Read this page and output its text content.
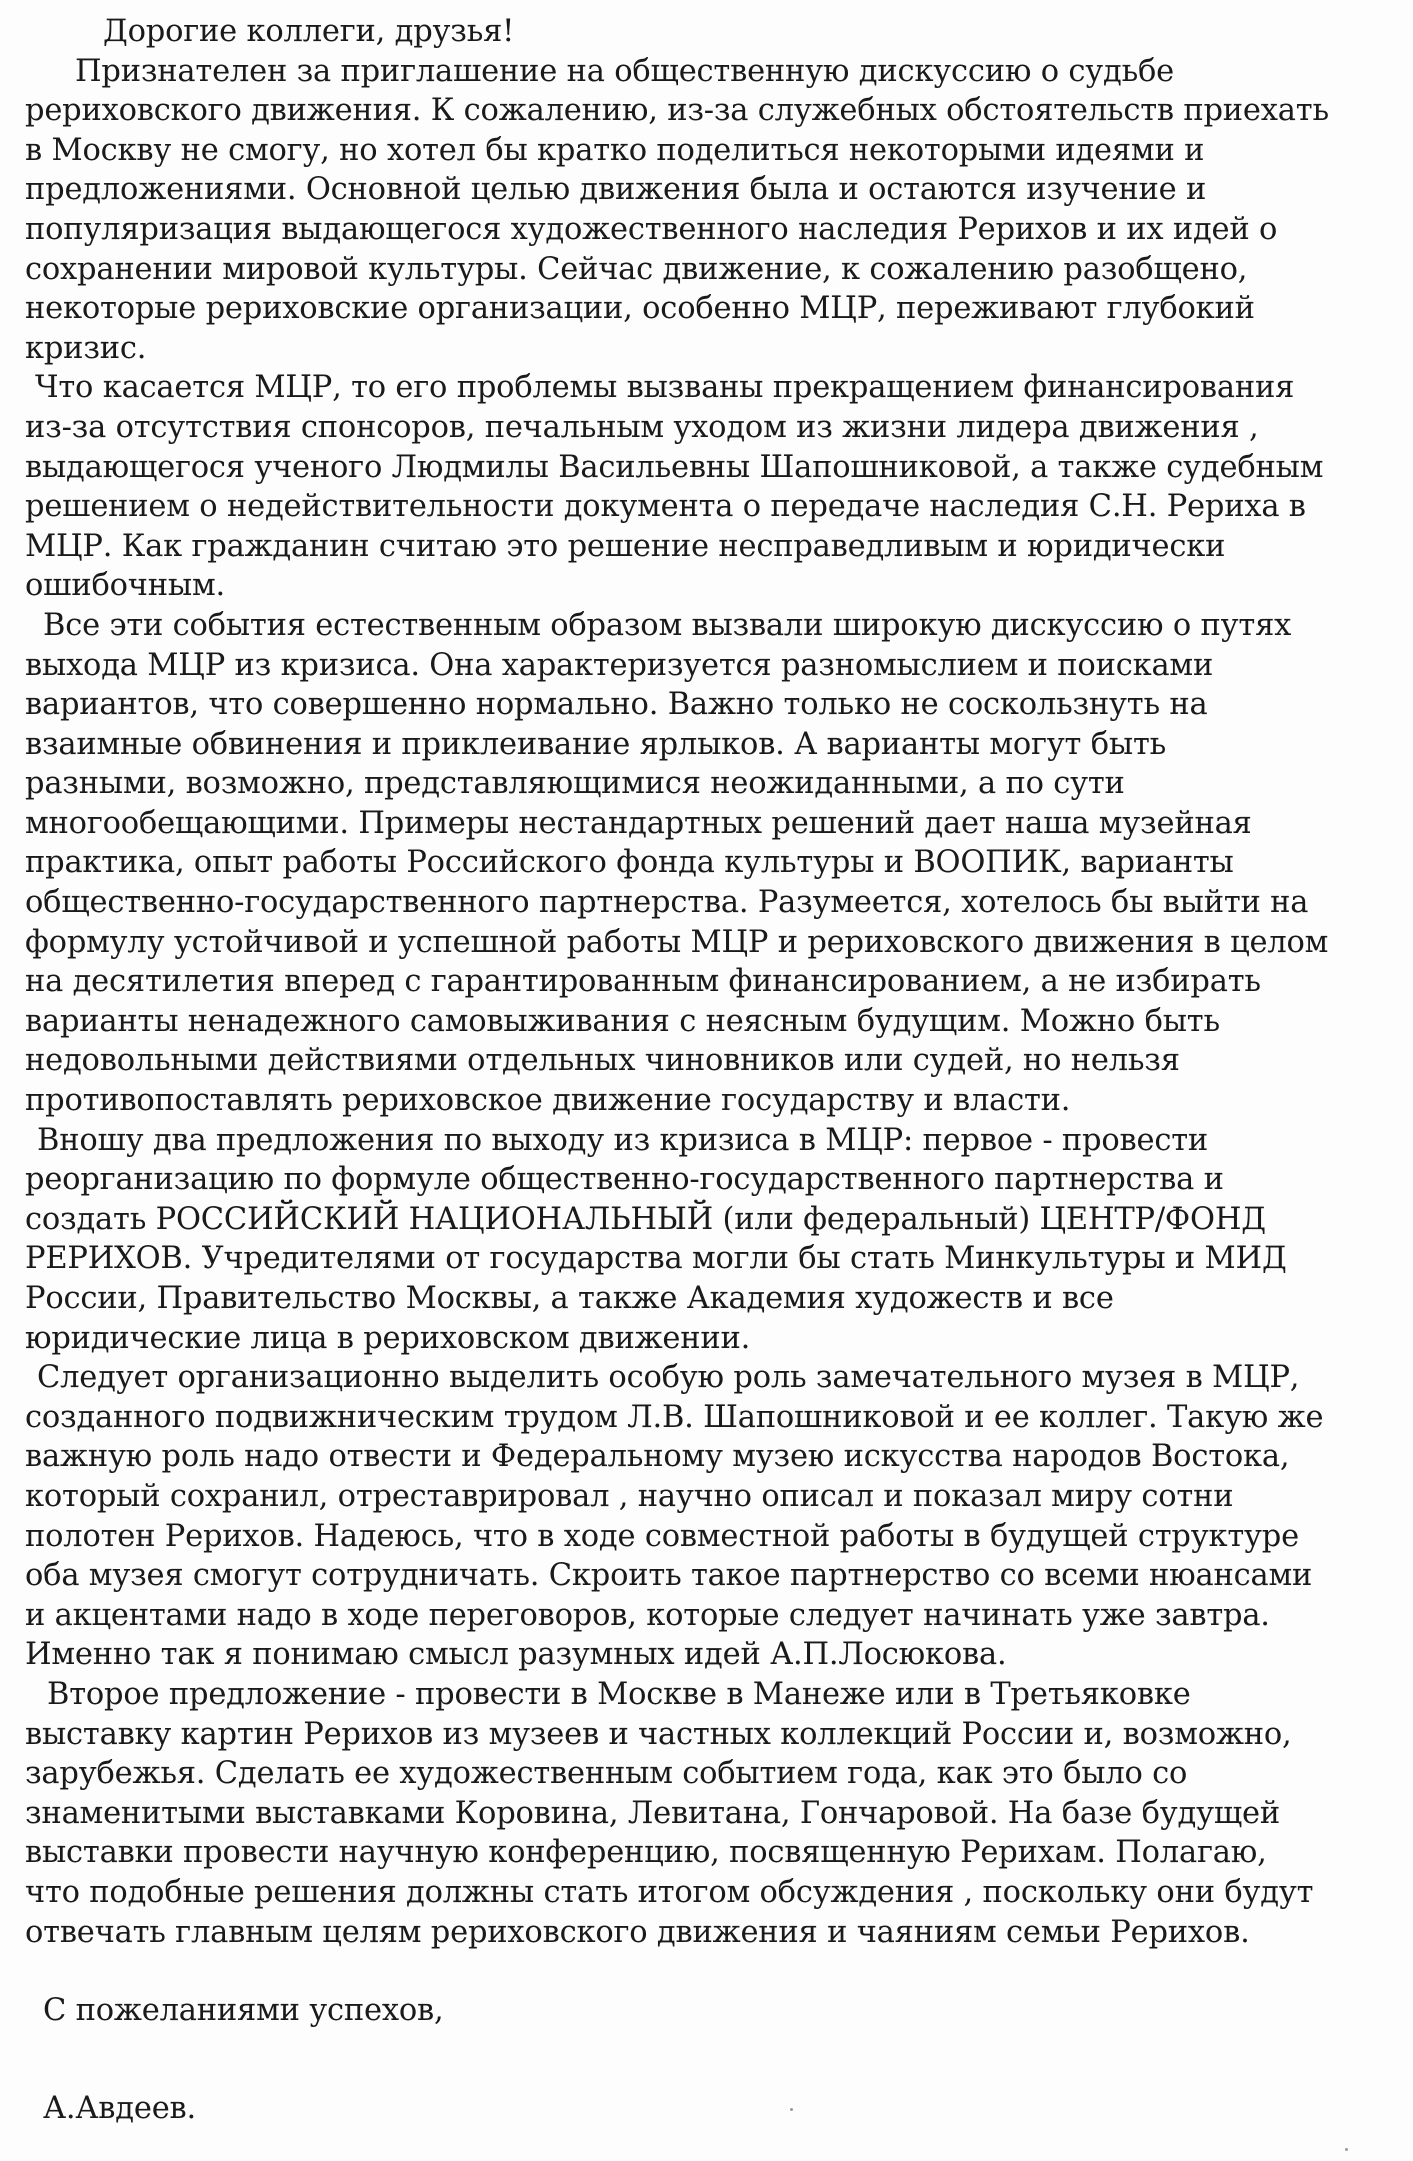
Дорогие коллеги, друзья!
Признателен за приглашение на общественную дискуссию о судьбе
рериховского движения. К сожалению, из-за служебных обстоятельств приехать
в Москву не смогу, но хотел бы кратко поделиться некоторыми идеями и
предложениями. Основной целью движения была и остаются изучение и
популяризация выдающегося художественного наследия Рерихов и их идей о
сохранении мировой культуры. Сейчас движение, к сожалению разобщено,
некоторые рериховские организации, особенно МЦР, переживают глубокий
кризис.
Что касается МЦР, то его проблемы вызваны прекращением финансирования
из-за отсутствия спонсоров, печальным уходом из жизни лидера движения ,
выдающегося ученого Людмилы Васильевны Шапошниковой, а также судебным
решением о недействительности документа о передаче наследия С.Н. Рериха в
МЦР. Как гражданин считаю это решение несправедливым и юридически
ошибочным.
Все эти события естественным образом вызвали широкую дискуссию о путях
выхода МЦР из кризиса. Она характеризуется разномыслием и поисками
вариантов, что совершенно нормально. Важно только не соскользнуть на
взаимные обвинения и приклеивание ярлыков. А варианты могут быть
разными, возможно, представляющимися неожиданными, а по сути
многообещающими. Примеры нестандартных решений дает наша музейная
практика, опыт работы Российского фонда культуры и ВООПИК, варианты
общественно-государственного партнерства. Разумеется, хотелось бы выйти на
формулу устойчивой и успешной работы МЦР и рериховского движения в целом
на десятилетия вперед с гарантированным финансированием, а не избирать
варианты ненадежного самовыживания с неясным будущим. Можно быть
недовольными действиями отдельных чиновников или судей, но нельзя
противопоставлять рериховское движение государству и власти.
Вношу два предложения по выходу из кризиса в МЦР: первое - провести
реорганизацию по формуле общественно-государственного партнерства и
создать РОССИЙСКИЙ НАЦИОНАЛЬНЫЙ (или федеральный) ЦЕНТР/ФОНД
РЕРИХОВ. Учредителями от государства могли бы стать Минкультуры и МИД
России, Правительство Москвы, а также Академия художеств и все
юридические лица в рериховском движении.
Следует организационно выделить особую роль замечательного музея в МЦР,
созданного подвижническим трудом Л.В. Шапошниковой и ее коллег. Такую же
важную роль надо отвести и Федеральному музею искусства народов Востока,
который сохранил, отреставрировал , научно описал и показал миру сотни
полотен Рерихов. Надеюсь, что в ходе совместной работы в будущей структуре
оба музея смогут сотрудничать. Скроить такое партнерство со всеми нюансами
и акцентами надо в ходе переговоров, которые следует начинать уже завтра.
Именно так я понимаю смысл разумных идей А.П.Лосюкова.
Второе предложение - провести в Москве в Манеже или в Третьяковке
выставку картин Рерихов из музеев и частных коллекций России и, возможно,
зарубежья. Сделать ее художественным событием года, как это было со
знаменитыми выставками Коровина, Левитана, Гончаровой. На базе будущей
выставки провести научную конференцию, посвященную Рерихам. Полагаю,
что подобные решения должны стать итогом обсуждения , поскольку они будут
отвечать главным целям рериховского движения и чаяниям семьи Рерихов.
С пожеланиями успехов,
А.Авдеев.
